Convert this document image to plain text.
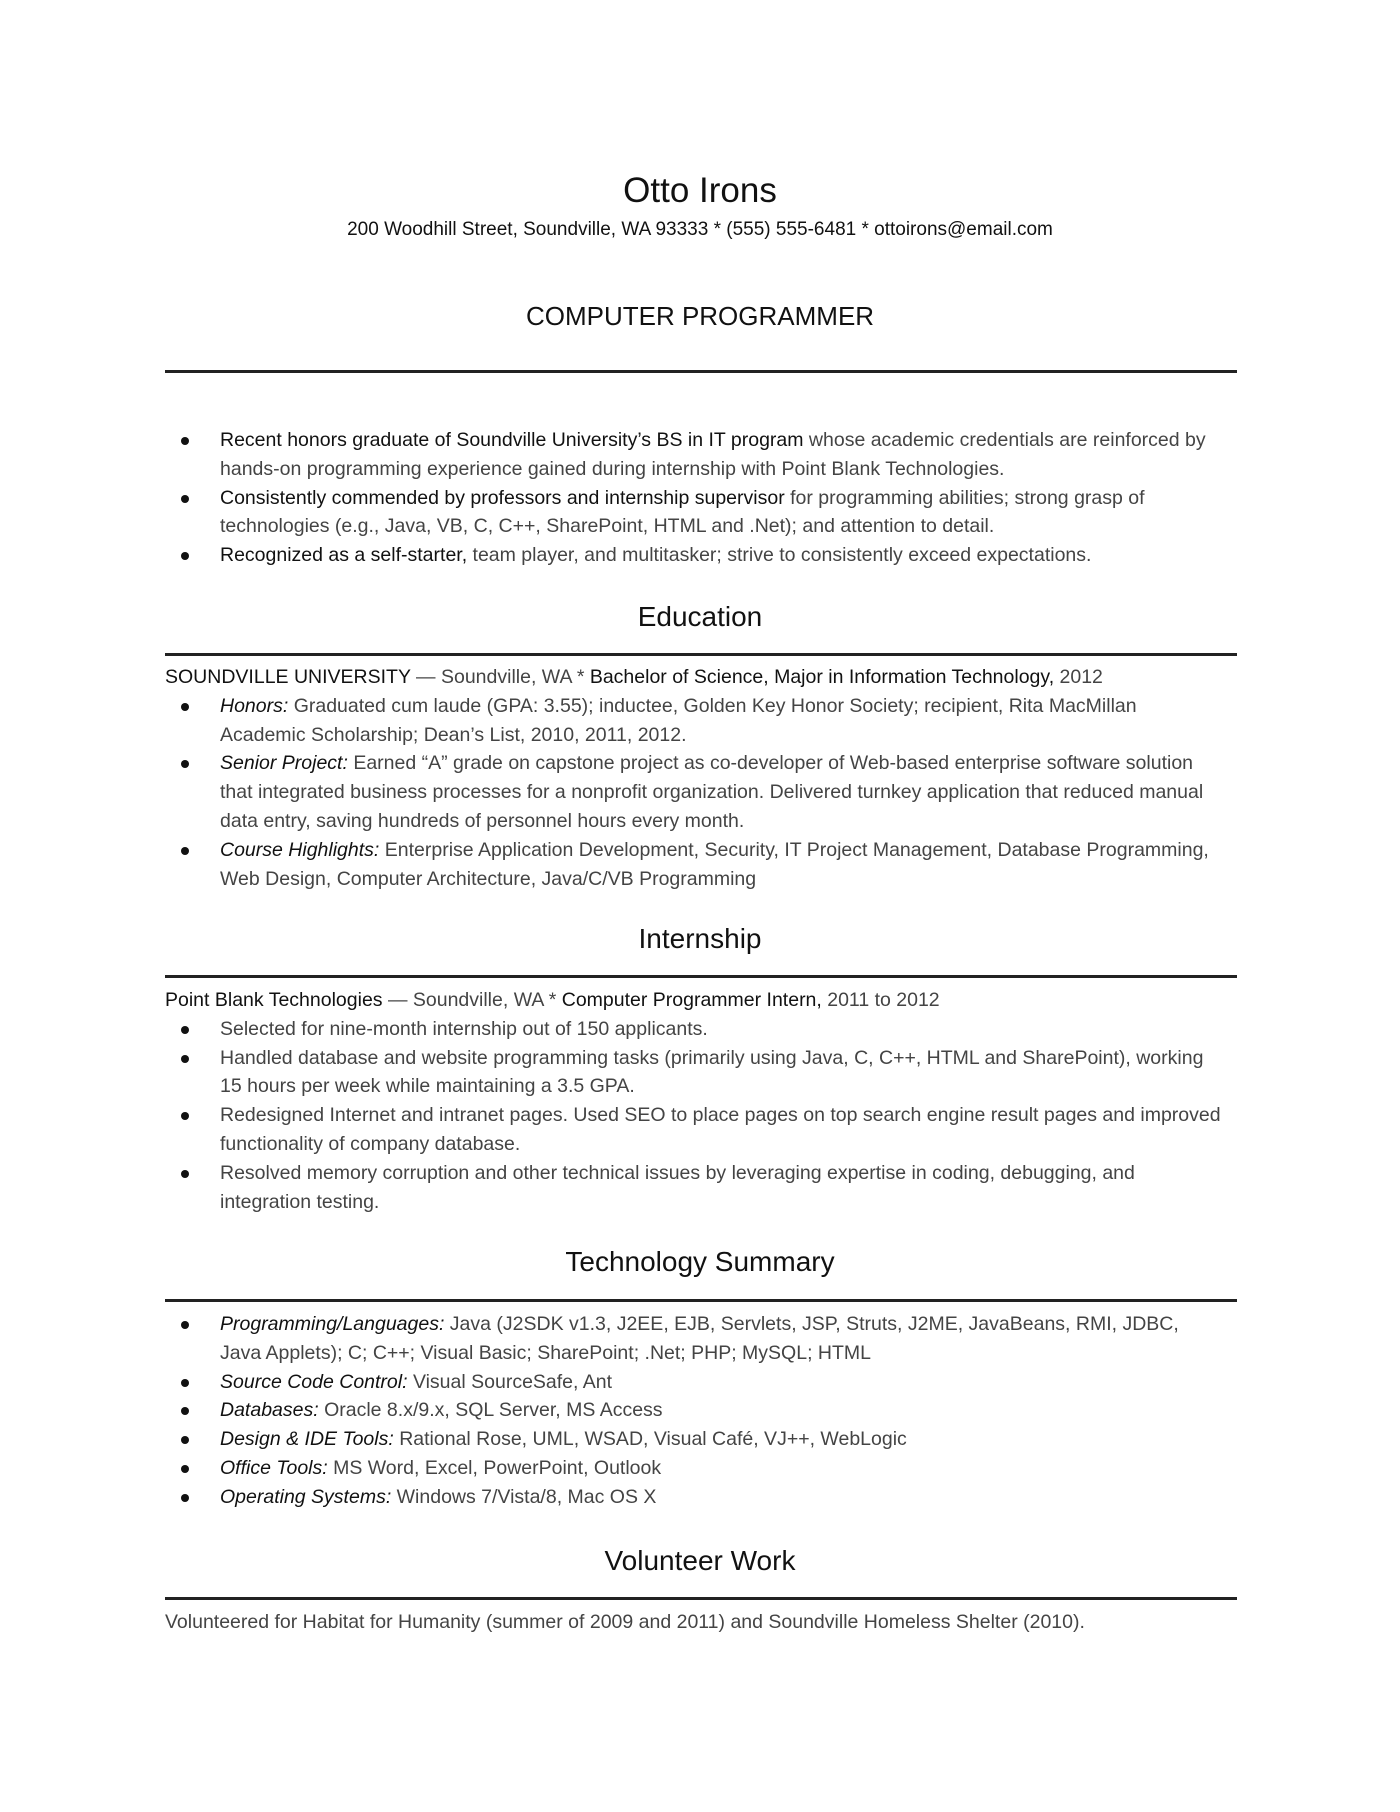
Otto Irons
200 Woodhill Street, Soundville, WA 93333 * (555) 555-6481 * ottoirons@email.com
COMPUTER PROGRAMMER
Recent honors graduate of Soundville University’s BS in IT program whose academic credentials are reinforced by hands-on programming experience gained during internship with Point Blank Technologies.
Consistently commended by professors and internship supervisor for programming abilities; strong grasp of technologies (e.g., Java, VB, C, C++, SharePoint, HTML and .Net); and attention to detail.
Recognized as a self-starter, team player, and multitasker; strive to consistently exceed expectations.
Education
SOUNDVILLE UNIVERSITY — Soundville, WA * Bachelor of Science, Major in Information Technology, 2012
Honors: Graduated cum laude (GPA: 3.55); inductee, Golden Key Honor Society; recipient, Rita MacMillan Academic Scholarship; Dean’s List, 2010, 2011, 2012.
Senior Project: Earned “A” grade on capstone project as co-developer of Web-based enterprise software solution that integrated business processes for a nonprofit organization. Delivered turnkey application that reduced manual data entry, saving hundreds of personnel hours every month.
Course Highlights: Enterprise Application Development, Security, IT Project Management, Database Programming, Web Design, Computer Architecture, Java/C/VB Programming
Internship
Point Blank Technologies — Soundville, WA * Computer Programmer Intern, 2011 to 2012
Selected for nine-month internship out of 150 applicants.
Handled database and website programming tasks (primarily using Java, C, C++, HTML and SharePoint), working 15 hours per week while maintaining a 3.5 GPA.
Redesigned Internet and intranet pages. Used SEO to place pages on top search engine result pages and improved functionality of company database.
Resolved memory corruption and other technical issues by leveraging expertise in coding, debugging, and integration testing.
Technology Summary
Programming/Languages: Java (J2SDK v1.3, J2EE, EJB, Servlets, JSP, Struts, J2ME, JavaBeans, RMI, JDBC, Java Applets); C; C++; Visual Basic; SharePoint; .Net; PHP; MySQL; HTML
Source Code Control: Visual SourceSafe, Ant
Databases: Oracle 8.x/9.x, SQL Server, MS Access
Design & IDE Tools: Rational Rose, UML, WSAD, Visual Café, VJ++, WebLogic
Office Tools: MS Word, Excel, PowerPoint, Outlook
Operating Systems: Windows 7/Vista/8, Mac OS X
Volunteer Work
Volunteered for Habitat for Humanity (summer of 2009 and 2011) and Soundville Homeless Shelter (2010).
